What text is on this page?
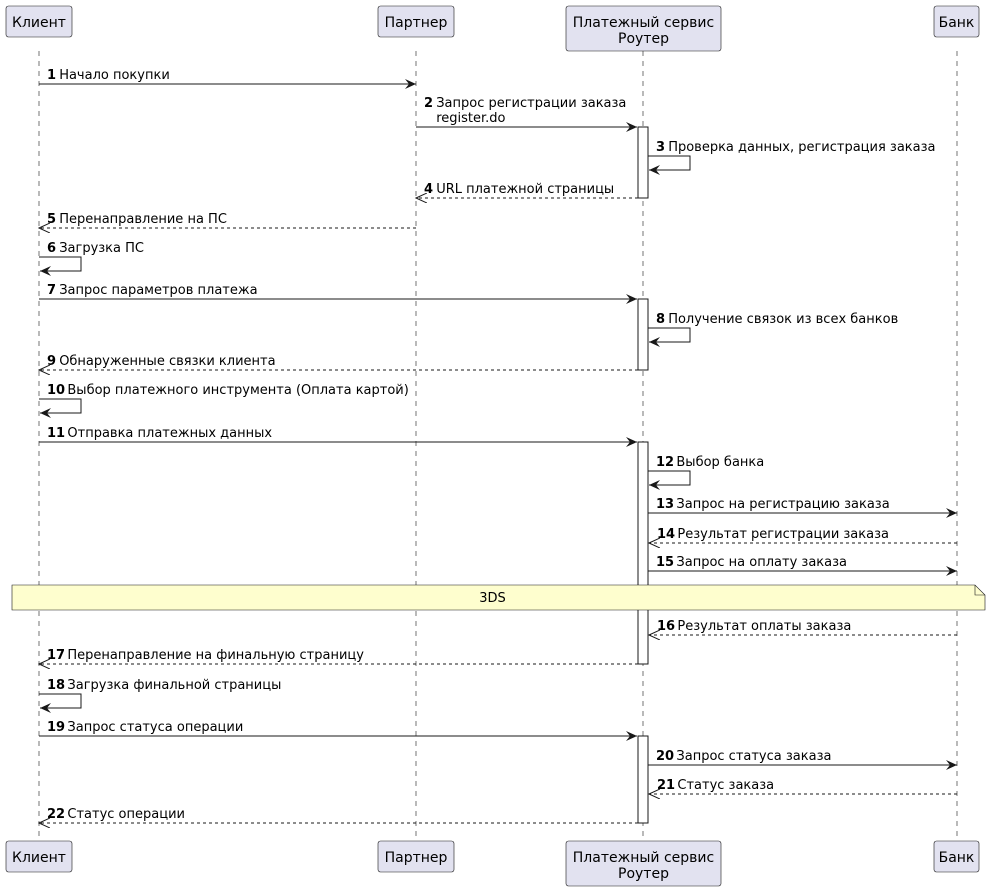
1 Начало покупки
2 Запрос регистрации заказа
register.do
3 Проверка данных, регистрация заказа
4 URL платежной страницы
5 Перенаправление на ПС
6 Загрузка ПС
7 Запрос параметров платежа
8 Получение связок из всех банков
9 Обнаруженные связки клиента
10 Выбор платежного инструмента (Оплата картой)
11 Отправка платежных данных
12 Выбор банка
13 Запрос на регистрацию заказа
14 Результат регистрации заказа
15 Запрос на оплату заказа
16 Результат оплаты заказа
17 Перенаправление на финальную страницу
18 Загрузка финальной страницы
19 Запрос статуса операции
20 Запрос статуса заказа
21 Статус заказа
22 Статус операции
3DS
Клиент
Клиент
Партнер
Партнер
Платежный сервис
Роутер
Платежный сервис
Роутер
Банк
Банк
